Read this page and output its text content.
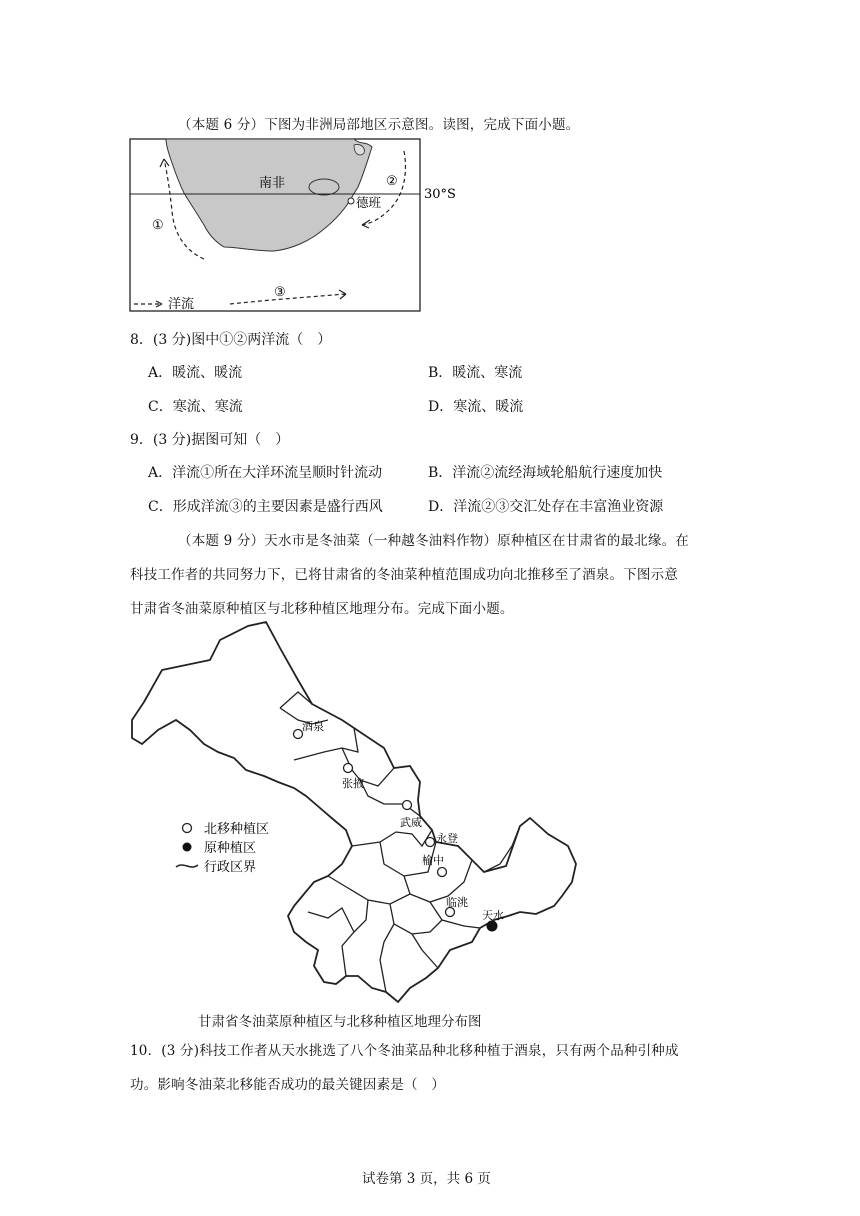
（本题 6 分）下图为非洲局部地区示意图。读图，完成下面小题。
30°S
南非
德班
①
②
③
洋流
8．(3 分)图中①②两洋流（　）
A．暖流、暖流	B．暖流、寒流
C．寒流、寒流	D．寒流、暖流
9．(3 分)据图可知（　）
A．洋流①所在大洋环流呈顺时针流动	B．洋流②流经海域轮船航行速度加快
C．形成洋流③的主要因素是盛行西风	D．洋流②③交汇处存在丰富渔业资源
（本题 9 分）天水市是冬油菜（一种越冬油料作物）原种植区在甘肃省的最北缘。在
科技工作者的共同努力下，已将甘肃省的冬油菜种植范围成功向北推移至了酒泉。下图示意
甘肃省冬油菜原种植区与北移种植区地理分布。完成下面小题。
酒泉
张掖
武威
永登
榆中
临洮
天水
北移种植区
原种植区
行政区界
甘肃省冬油菜原种植区与北移种植区地理分布图
10．(3 分)科技工作者从天水挑选了八个冬油菜品种北移种植于酒泉，只有两个品种引种成
功。影响冬油菜北移能否成功的最关键因素是（　）
试卷第 3 页，共 6 页
